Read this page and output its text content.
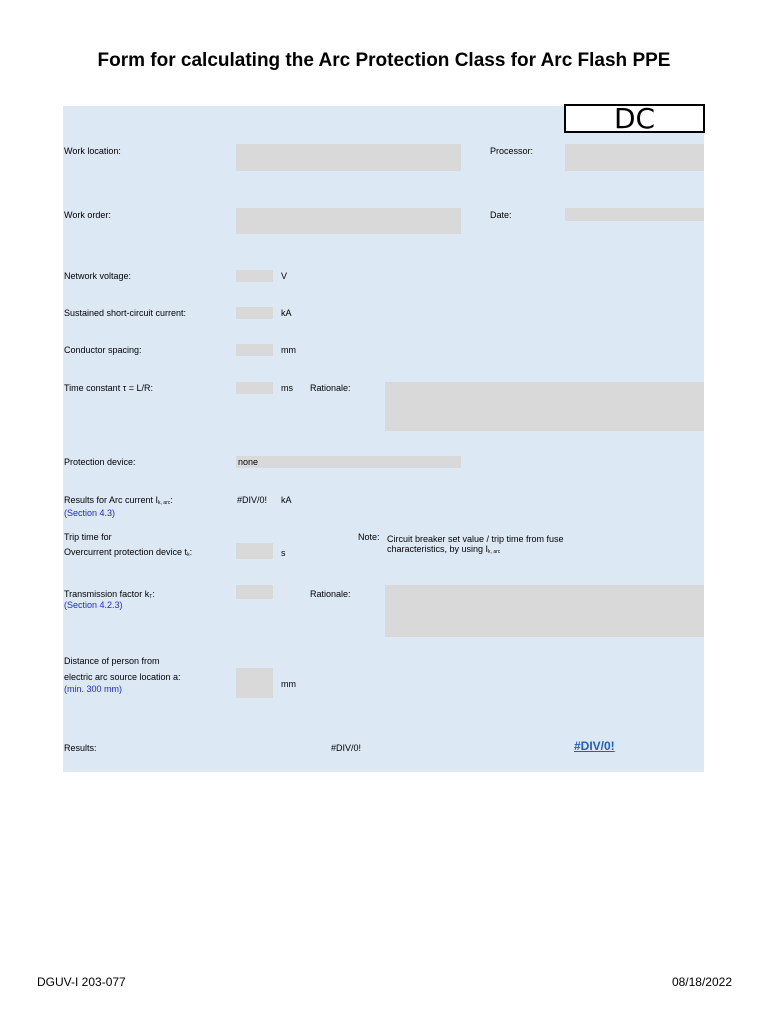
Form for calculating the Arc Protection Class for Arc Flash PPE
DC
Work location:	Processor:
Work order:	Date:
Network voltage:	V
Sustained short-circuit current:	kA
Conductor spacing:	mm
Time constant τ = L/R:	ms Rationale:
Protection device:	none
Results for Arc current $I_{k, arc}$:
(Section 4.3)
#DIV/0! kA
Trip time for
Overcurrent protection device $t_k$:	s
Note: Circuit breaker set value / trip time from fuse
characteristics, by using $I_{k, arc}$
Transmission factor $k_T$:
(Section 4.2.3)
Rationale:
Distance of person from
electric arc source location a:
(min. 300 mm)	mm
Results:	#DIV/0!	#DIV/0!
DGUV-I 203-077	08/18/2022
